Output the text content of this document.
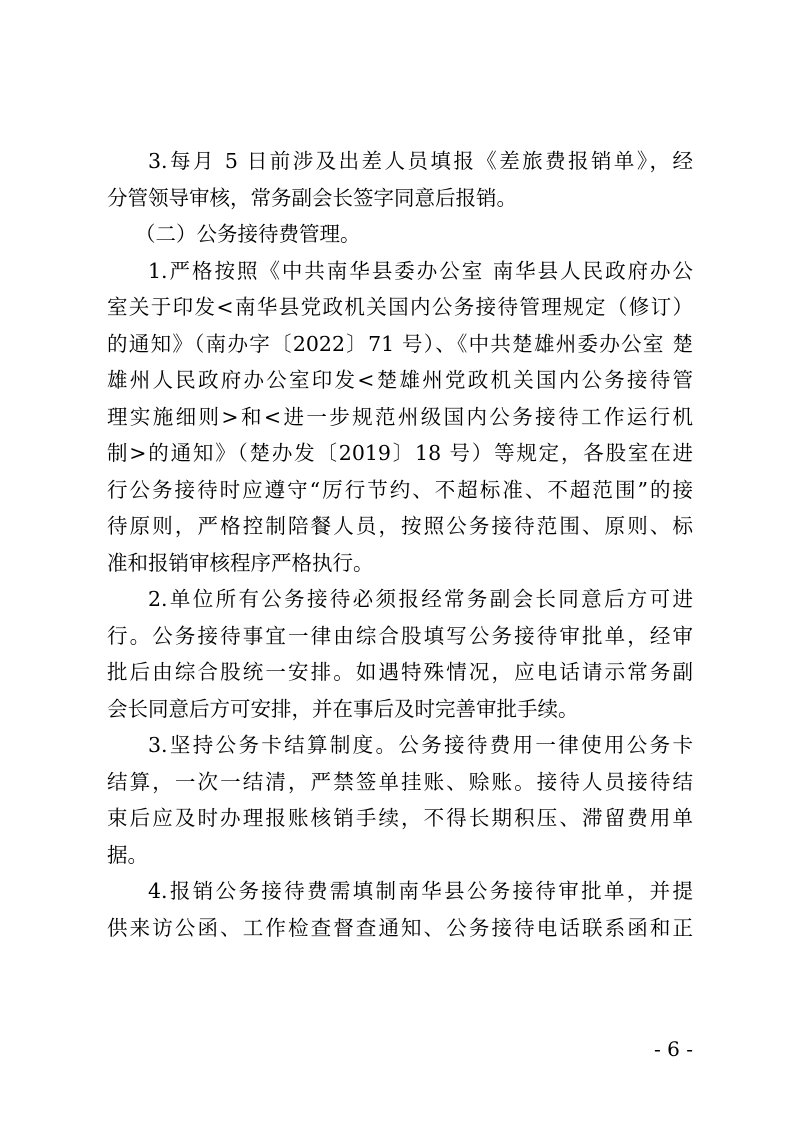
3.每月 5 日前涉及出差人员填报《差旅费报销单》，经
分管领导审核，常务副会长签字同意后报销。
（二）公务接待费管理。
1.严格按照《中共南华县委办公室 南华县人民政府办公
室关于印发<南华县党政机关国内公务接待管理规定（修订）
的通知》（南办字〔2022〕71 号）、《中共楚雄州委办公室 楚
雄州人民政府办公室印发<楚雄州党政机关国内公务接待管
理实施细则>和<进一步规范州级国内公务接待工作运行机
制>的通知》（楚办发〔2019〕18 号）等规定，各股室在进
行公务接待时应遵守“厉行节约、不超标准、不超范围”的接
待原则，严格控制陪餐人员，按照公务接待范围、原则、标
准和报销审核程序严格执行。
2.单位所有公务接待必须报经常务副会长同意后方可进
行。公务接待事宜一律由综合股填写公务接待审批单，经审
批后由综合股统一安排。如遇特殊情况，应电话请示常务副
会长同意后方可安排，并在事后及时完善审批手续。
3.坚持公务卡结算制度。公务接待费用一律使用公务卡
结算，一次一结清，严禁签单挂账、赊账。接待人员接待结
束后应及时办理报账核销手续，不得长期积压、滞留费用单
据。
4.报销公务接待费需填制南华县公务接待审批单，并提
供来访公函、工作检查督查通知、公务接待电话联系函和正
- 6 -
